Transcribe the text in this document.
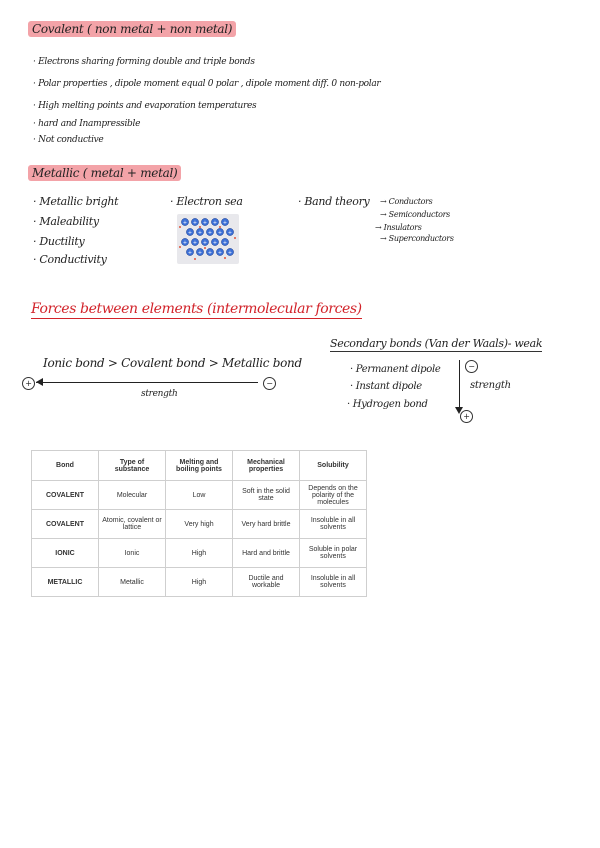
Covalent ( non metal + non metal)
· Electrons sharing forming double and triple bonds
· Polar properties , dipole moment equal 0 polar , dipole moment diff. 0 non-polar
· High melting points and evaporation temperatures
· hard and Inampressible
· Not conductive
Metallic ( metal + metal)
· Metallic bright
· Maleability
· Ductility
· Conductivity
· Electron sea
+ + + + +
+ + + + +
+ + + + +
+ + + + +
· Band theory → Conductors
→ Semiconductors
→ Insulators
→ Superconductors
Forces between elements (intermolecular forces)
Ionic bond > Covalent bond > Metallic bond
+	−
strength
Secondary bonds (Van der Waals)- weak
· Permanent dipole
· Instant dipole
· Hydrogen bond
−
+
strength
Bond	Type of substance	Melting and boiling points	Mechanical properties	Solubility
COVALENT	Molecular	Low	Soft in the solid state	Depends on the polarity of the molecules
COVALENT	Atomic, covalent or lattice	Very high	Very hard brittle	Insoluble in all solvents
IONIC	Ionic	High	Hard and brittle	Soluble in polar solvents
METALLIC	Metallic	High	Ductile and workable	Insoluble in all solvents
